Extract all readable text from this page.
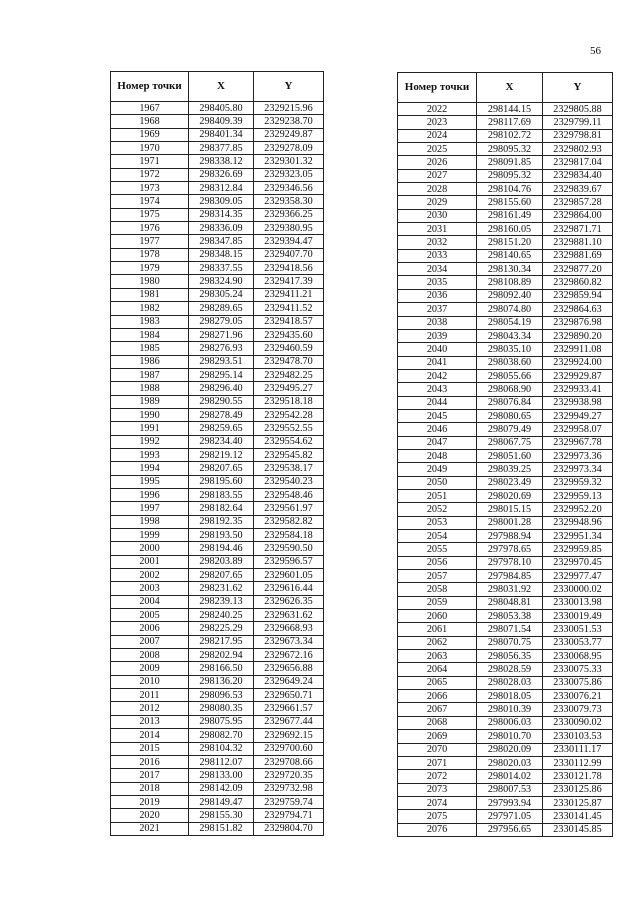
56
Номер точки	X	Y
1967	298405.80	2329215.96
1968	298409.39	2329238.70
1969	298401.34	2329249.87
1970	298377.85	2329278.09
1971	298338.12	2329301.32
1972	298326.69	2329323.05
1973	298312.84	2329346.56
1974	298309.05	2329358.30
1975	298314.35	2329366.25
1976	298336.09	2329380.95
1977	298347.85	2329394.47
1978	298348.15	2329407.70
1979	298337.55	2329418.56
1980	298324.90	2329417.39
1981	298305.24	2329411.21
1982	298289.65	2329411.52
1983	298279.05	2329418.57
1984	298271.96	2329435.60
1985	298276.93	2329460.59
1986	298293.51	2329478.70
1987	298295.14	2329482.25
1988	298296.40	2329495.27
1989	298290.55	2329518.18
1990	298278.49	2329542.28
1991	298259.65	2329552.55
1992	298234.40	2329554.62
1993	298219.12	2329545.82
1994	298207.65	2329538.17
1995	298195.60	2329540.23
1996	298183.55	2329548.46
1997	298182.64	2329561.97
1998	298192.35	2329582.82
1999	298193.50	2329584.18
2000	298194.46	2329590.50
2001	298203.89	2329596.57
2002	298207.65	2329601.05
2003	298231.62	2329616.44
2004	298239.13	2329626.35
2005	298240.25	2329631.62
2006	298225.29	2329668.93
2007	298217.95	2329673.34
2008	298202.94	2329672.16
2009	298166.50	2329656.88
2010	298136.20	2329649.24
2011	298096.53	2329650.71
2012	298080.35	2329661.57
2013	298075.95	2329677.44
2014	298082.70	2329692.15
2015	298104.32	2329700.60
2016	298112.07	2329708.66
2017	298133.00	2329720.35
2018	298142.09	2329732.98
2019	298149.47	2329759.74
2020	298155.30	2329794.71
2021	298151.82	2329804.70
Номер точки	X	Y
2022	298144.15	2329805.88
2023	298117.69	2329799.11
2024	298102.72	2329798.81
2025	298095.32	2329802.93
2026	298091.85	2329817.04
2027	298095.32	2329834.40
2028	298104.76	2329839.67
2029	298155.60	2329857.28
2030	298161.49	2329864.00
2031	298160.05	2329871.71
2032	298151.20	2329881.10
2033	298140.65	2329881.69
2034	298130.34	2329877.20
2035	298108.89	2329860.82
2036	298092.40	2329859.94
2037	298074.80	2329864.63
2038	298054.19	2329876.98
2039	298043.34	2329890.20
2040	298035.10	2329911.08
2041	298038.60	2329924.00
2042	298055.66	2329929.87
2043	298068.90	2329933.41
2044	298076.84	2329938.98
2045	298080.65	2329949.27
2046	298079.49	2329958.07
2047	298067.75	2329967.78
2048	298051.60	2329973.36
2049	298039.25	2329973.34
2050	298023.49	2329959.32
2051	298020.69	2329959.13
2052	298015.15	2329952.20
2053	298001.28	2329948.96
2054	297988.94	2329951.34
2055	297978.65	2329959.85
2056	297978.10	2329970.45
2057	297984.85	2329977.47
2058	298031.92	2330000.02
2059	298048.81	2330013.98
2060	298053.38	2330019.49
2061	298071.54	2330051.53
2062	298070.75	2330053.77
2063	298056.35	2330068.95
2064	298028.59	2330075.33
2065	298028.03	2330075.86
2066	298018.05	2330076.21
2067	298010.39	2330079.73
2068	298006.03	2330090.02
2069	298010.70	2330103.53
2070	298020.09	2330111.17
2071	298020.03	2330112.99
2072	298014.02	2330121.78
2073	298007.53	2330125.86
2074	297993.94	2330125.87
2075	297971.05	2330141.45
2076	297956.65	2330145.85
